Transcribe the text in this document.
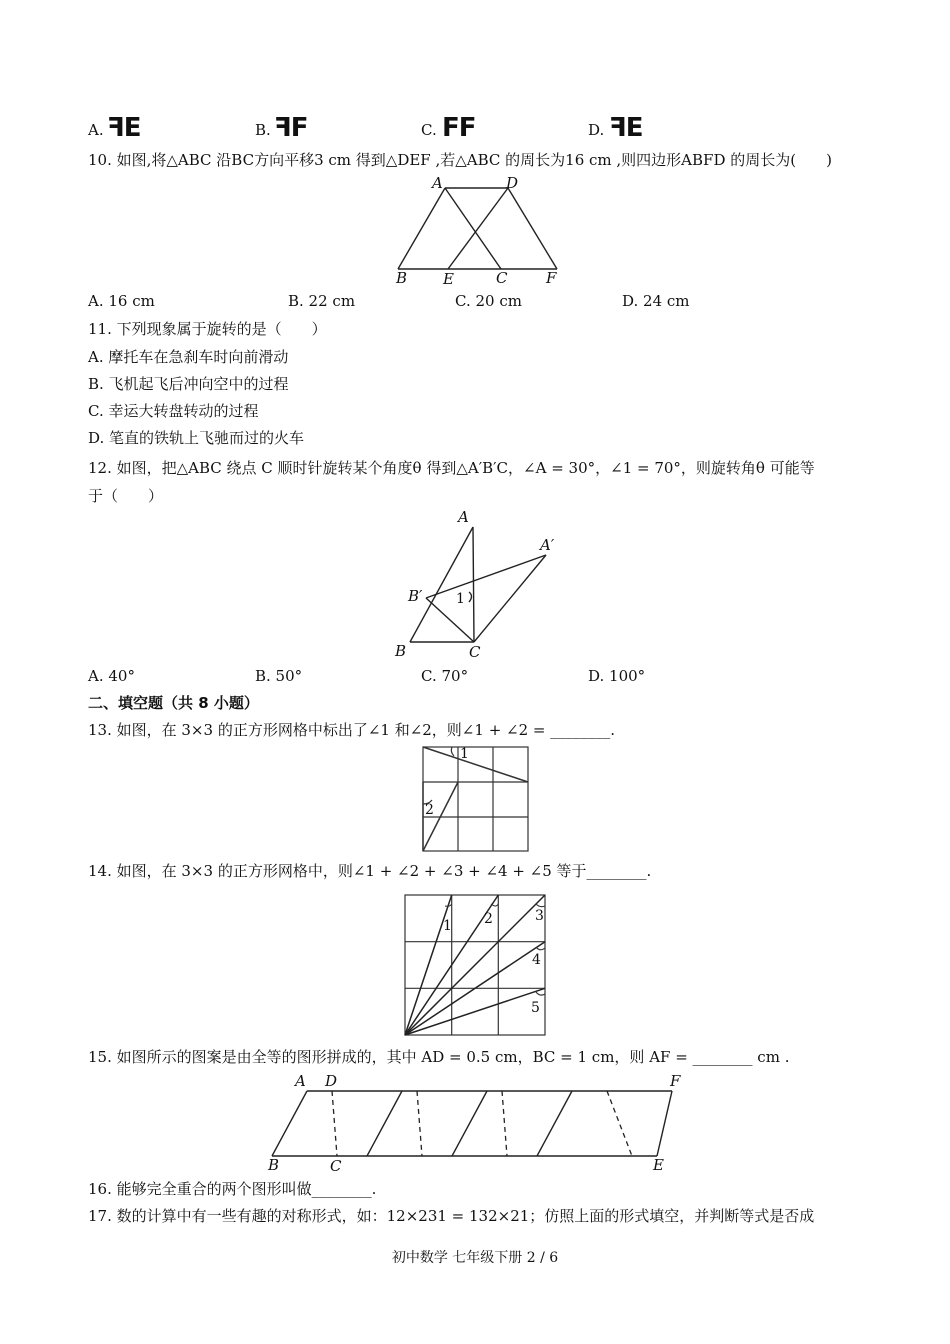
A. ꟻE	B. ꟻF	C. FF	D. ꟻE
10. 如图,将△ABC 沿BC方向平移3 cm 得到△DEF ,若△ABC 的周长为16 cm ,则四边形ABFD 的周长为(　　)
A	D
B E	C	F
A. 16 cm	B. 22 cm	C. 20 cm	D. 24 cm
11. 下列现象属于旋转的是（　　）
A. 摩托车在急刹车时向前滑动
B. 飞机起飞后冲向空中的过程
C. 幸运大转盘转动的过程
D. 笔直的铁轨上飞驰而过的火车
12. 如图，把△ABC 绕点 C 顺时针旋转某个角度θ 得到△A′B′C，∠A = 30°，∠1 = 70°，则旋转角θ 可能等
于（　　）
A
A′
B′ 1
B	C
A. 40°	B. 50°	C. 70°	D. 100°
二、填空题（共 8 小题）
13. 如图，在 3×3 的正方形网格中标出了∠1 和∠2，则∠1 + ∠2 = ________.
1
2
14. 如图，在 3×3 的正方形网格中，则∠1 + ∠2 + ∠3 + ∠4 + ∠5 等于________.
1 2	3
4
5
15. 如图所示的图案是由全等的图形拼成的，其中 AD = 0.5 cm，BC = 1 cm，则 AF = ________ cm .
A D	F
B	C	E
16. 能够完全重合的两个图形叫做________.
17. 数的计算中有一些有趣的对称形式，如：12×231 = 132×21；仿照上面的形式填空，并判断等式是否成
初中数学 七年级下册 2 / 6
